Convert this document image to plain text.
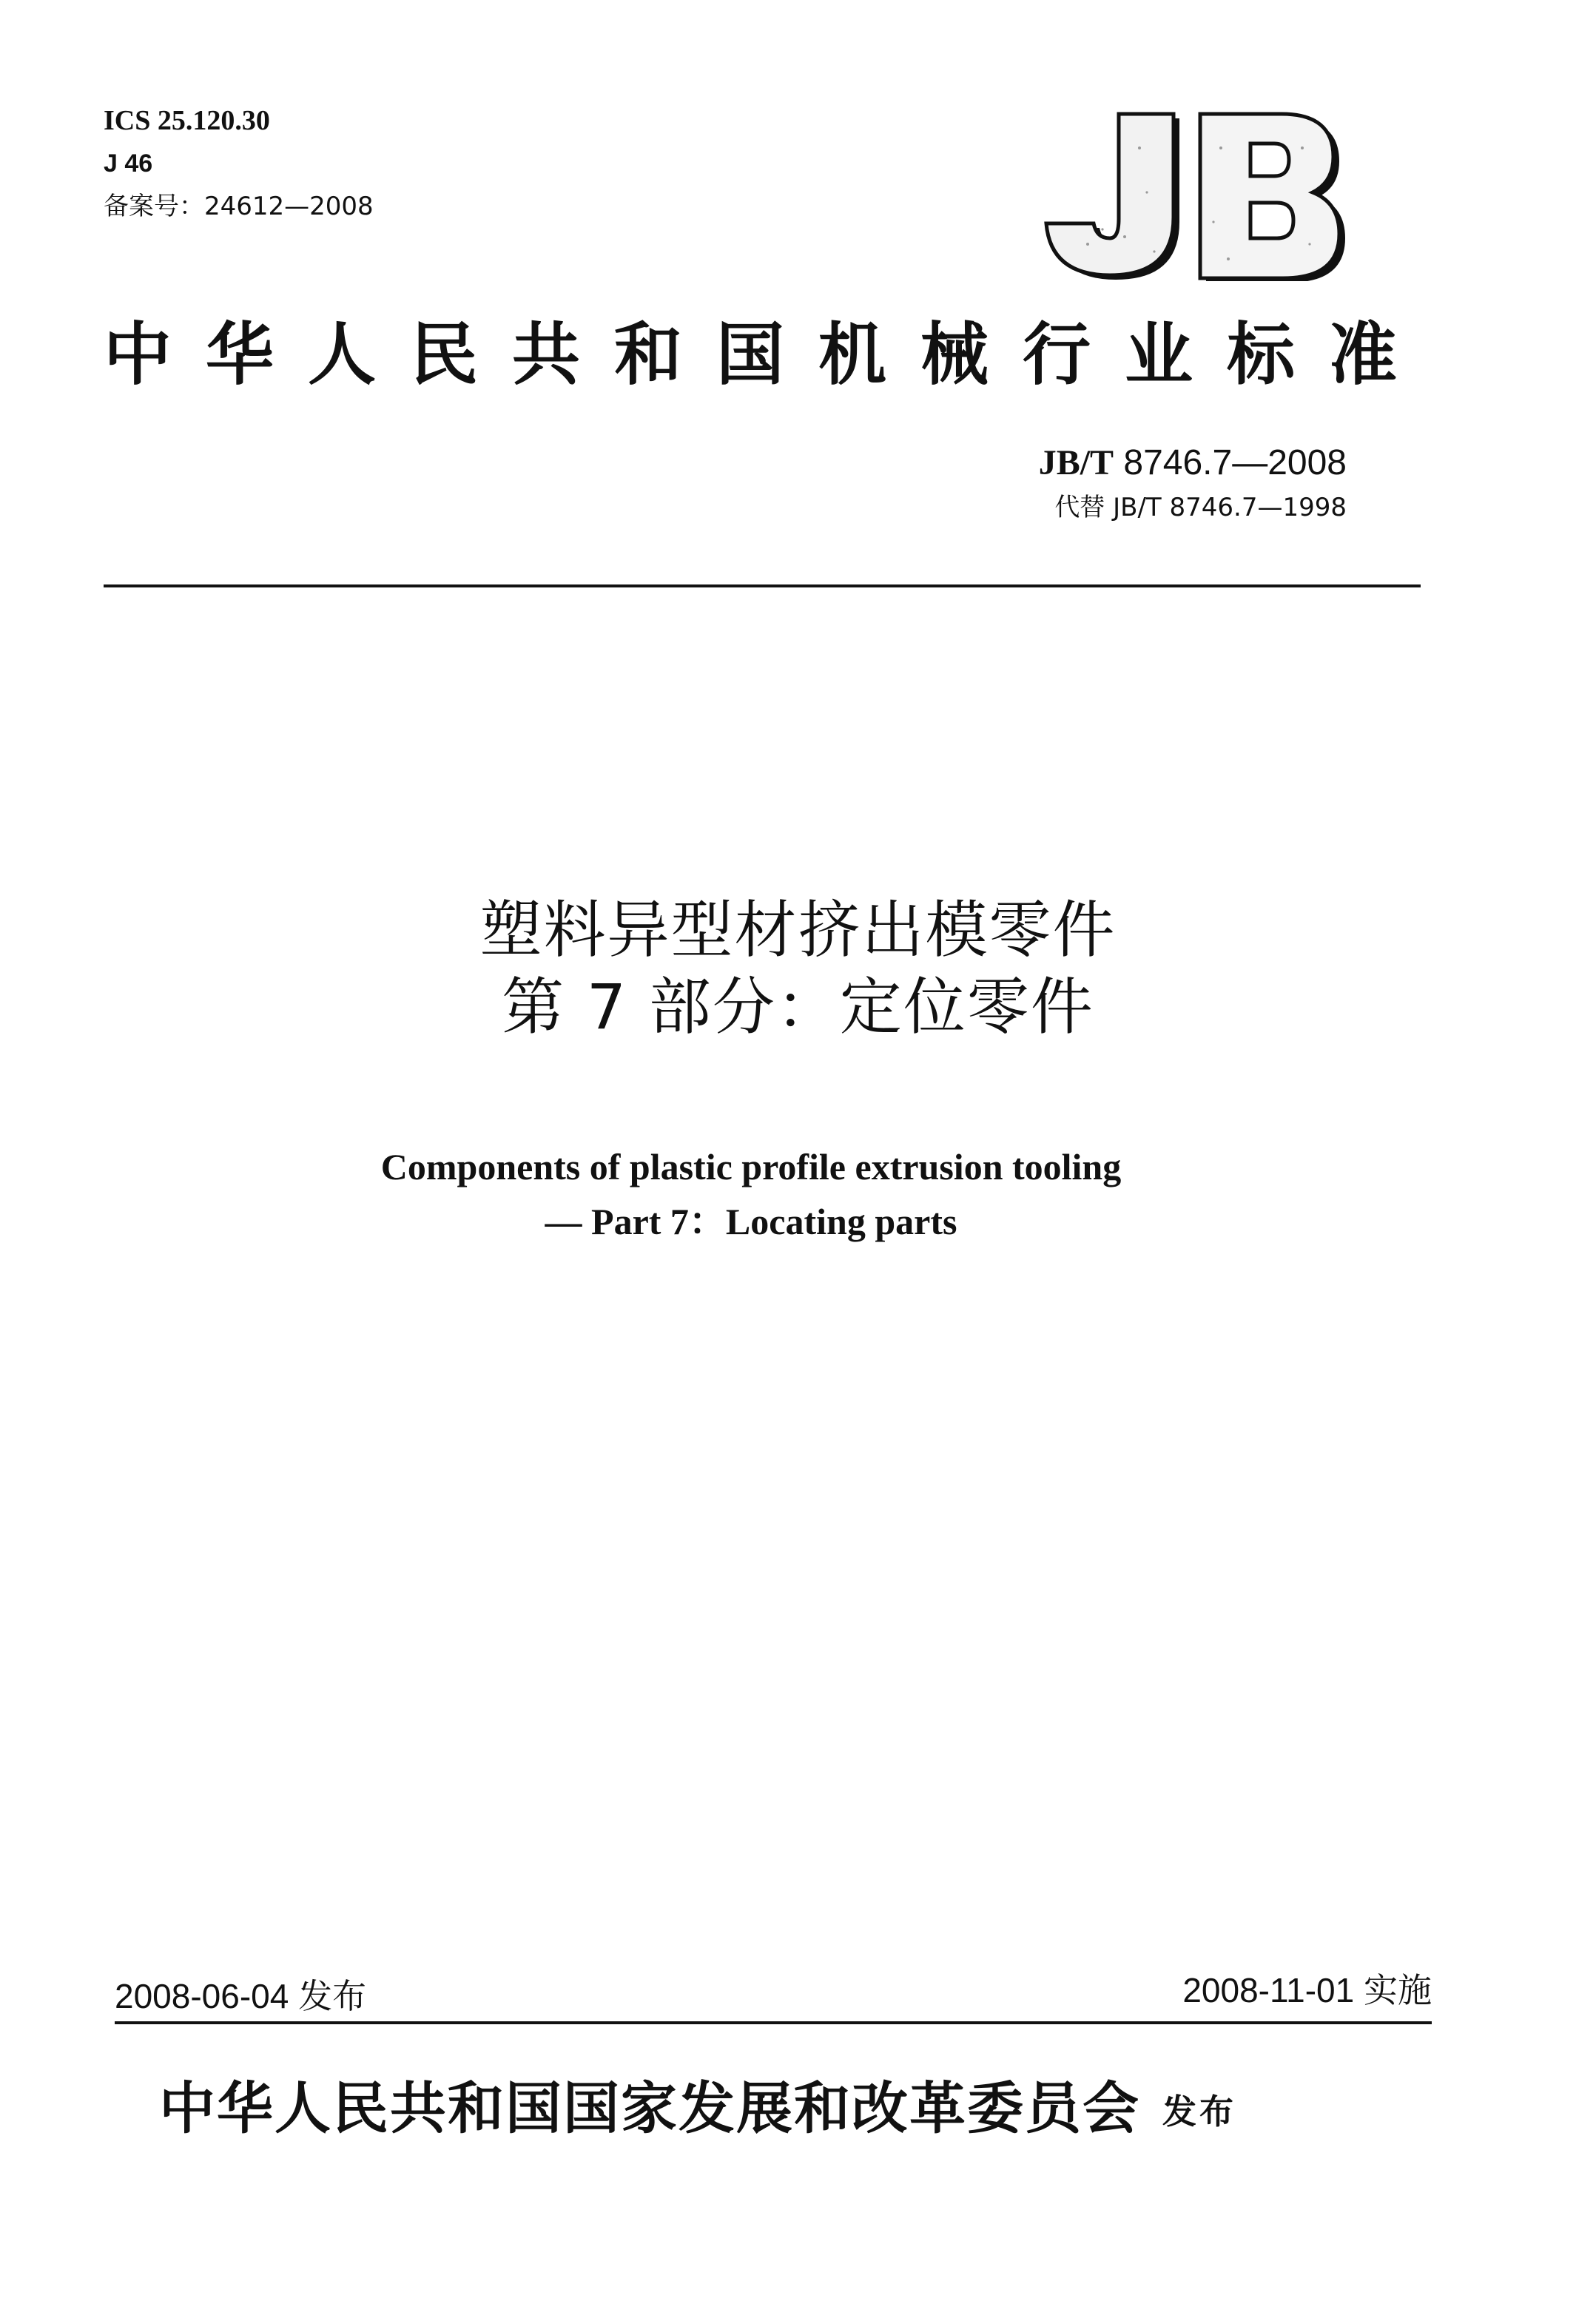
ICS 25.120.30
J 46
备案号：24612—2008
中华人民共和国机械行业标准
JB/T 8746.7—2008
代替 JB/T 8746.7—1998
塑料异型材挤出模零件
第 7 部分：定位零件
Components of plastic profile extrusion tooling
— Part 7：Locating parts
2008-06-04 发布	2008-11-01 实施
中华人民共和国国家发展和改革委员会 发布
